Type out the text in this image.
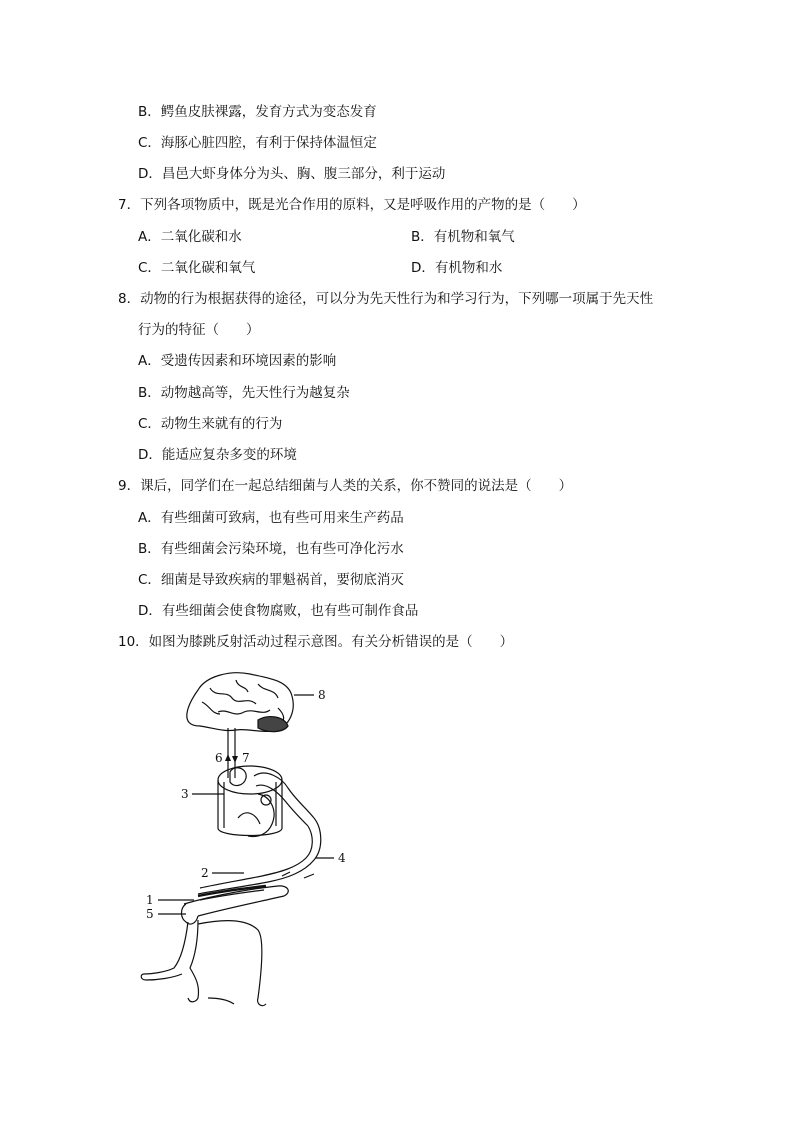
B．鳄鱼皮肤裸露，发育方式为变态发育
C．海豚心脏四腔，有利于保持体温恒定
D．昌邑大虾身体分为头、胸、腹三部分，利于运动
7．下列各项物质中，既是光合作用的原料，又是呼吸作用的产物的是（　　）
A．二氧化碳和水	B．有机物和氧气
C．二氧化碳和氧气	D．有机物和水
8．动物的行为根据获得的途径，可以分为先天性行为和学习行为，下列哪一项属于先天性
行为的特征（　　）
A．受遗传因素和环境因素的影响
B．动物越高等，先天性行为越复杂
C．动物生来就有的行为
D．能适应复杂多变的环境
9．课后，同学们在一起总结细菌与人类的关系，你不赞同的说法是（　　）
A．有些细菌可致病，也有些可用来生产药品
B．有些细菌会污染环境，也有些可净化污水
C．细菌是导致疾病的罪魁祸首，要彻底消灭
D．有些细菌会使食物腐败，也有些可制作食品
10．如图为膝跳反射活动过程示意图。有关分析错误的是（　　）
8
6 7
3
4
2
1
5
